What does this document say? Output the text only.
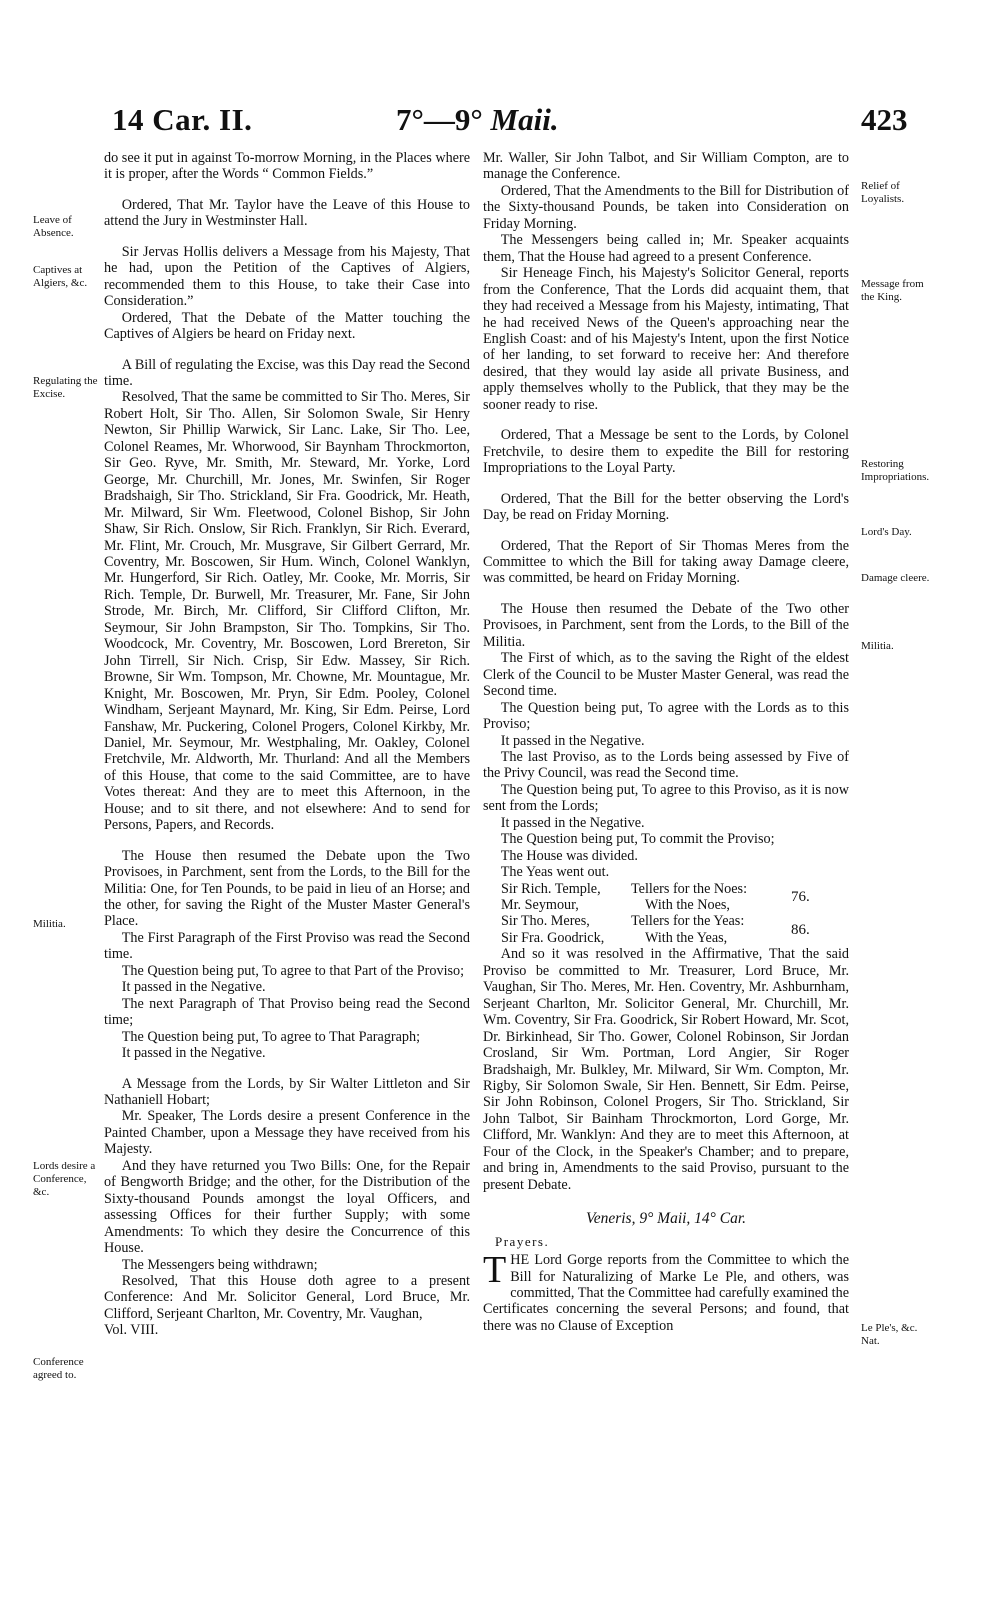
14 Car. II.	7°—9° Maii.	423
Leave of Absence.
Captives at Algiers, &c.
Regulating the Excise.
Militia.
Lords desire a Conference, &c.
Conference agreed to.
Relief of Loyalists.
Message from the King.
Restoring Impropriations.
Lord's Day.
Damage cleere.
Militia.
Le Ple's, &c. Nat.

do see it put in against To-morrow Morning, in the Places where it is proper, after the Words “ Common Fields.”

Ordered, That Mr. Taylor have the Leave of this House to attend the Jury in Westminster Hall.

Sir Jervas Hollis delivers a Message from his Majesty, That he had, upon the Petition of the Captives of Algiers, recommended them to this House, to take their Case into Consideration.”

Ordered, That the Debate of the Matter touching the Captives of Algiers be heard on Friday next.

A Bill of regulating the Excise, was this Day read the Second time.

Resolved, That the same be committed to Sir Tho. Meres, Sir Robert Holt, Sir Tho. Allen, Sir Solomon Swale, Sir Henry Newton, Sir Phillip Warwick, Sir Lanc. Lake, Sir Tho. Lee, Colonel Reames, Mr. Whorwood, Sir Baynham Throckmorton, Sir Geo. Ryve, Mr. Smith, Mr. Steward, Mr. Yorke, Lord George, Mr. Churchill, Mr. Jones, Mr. Swinfen, Sir Roger Bradshaigh, Sir Tho. Strickland, Sir Fra. Goodrick, Mr. Heath, Mr. Milward, Sir Wm. Fleetwood, Colonel Bishop, Sir John Shaw, Sir Rich. Onslow, Sir Rich. Franklyn, Sir Rich. Everard, Mr. Flint, Mr. Crouch, Mr. Musgrave, Sir Gilbert Gerrard, Mr. Coventry, Mr. Boscowen, Sir Hum. Winch, Colonel Wanklyn, Mr. Hungerford, Sir Rich. Oatley, Mr. Cooke, Mr. Morris, Sir Rich. Temple, Dr. Burwell, Mr. Treasurer, Mr. Fane, Sir John Strode, Mr. Birch, Mr. Clifford, Sir Clifford Clifton, Mr. Seymour, Sir John Brampston, Sir Tho. Tompkins, Sir Tho. Woodcock, Mr. Coventry, Mr. Boscowen, Lord Brereton, Sir John Tirrell, Sir Nich. Crisp, Sir Edw. Massey, Sir Rich. Browne, Sir Wm. Tompson, Mr. Chowne, Mr. Mountague, Mr. Knight, Mr. Boscowen, Mr. Pryn, Sir Edm. Pooley, Colonel Windham, Serjeant Maynard, Mr. King, Sir Edm. Peirse, Lord Fanshaw, Mr. Puckering, Colonel Progers, Colonel Kirkby, Mr. Daniel, Mr. Seymour, Mr. Westphaling, Mr. Oakley, Colonel Fretchvile, Mr. Aldworth, Mr. Thurland: And all the Members of this House, that come to the said Committee, are to have Votes thereat: And they are to meet this Afternoon, in the House; and to sit there, and not elsewhere: And to send for Persons, Papers, and Records.

The House then resumed the Debate upon the Two Provisoes, in Parchment, sent from the Lords, to the Bill for the Militia: One, for Ten Pounds, to be paid in lieu of an Horse; and the other, for saving the Right of the Muster Master General's Place.

The First Paragraph of the First Proviso was read the Second time.

The Question being put, To agree to that Part of the Proviso;

It passed in the Negative.

The next Paragraph of That Proviso being read the Second time;

The Question being put, To agree to That Paragraph;

It passed in the Negative.

A Message from the Lords, by Sir Walter Littleton and Sir Nathaniell Hobart;

Mr. Speaker, The Lords desire a present Conference in the Painted Chamber, upon a Message they have received from his Majesty.

And they have returned you Two Bills: One, for the Repair of Bengworth Bridge; and the other, for the Distribution of the Sixty-thousand Pounds amongst the loyal Officers, and assessing Offices for their further Supply; with some Amendments: To which they desire the Concurrence of this House.

The Messengers being withdrawn;

Resolved, That this House doth agree to a present Conference: And Mr. Solicitor General, Lord Bruce, Mr. Clifford, Serjeant Charlton, Mr. Coventry, Mr. Vaughan,

Vol. VIII.

Mr. Waller, Sir John Talbot, and Sir William Compton, are to manage the Conference.

Ordered, That the Amendments to the Bill for Distribution of the Sixty-thousand Pounds, be taken into Consideration on Friday Morning.

The Messengers being called in; Mr. Speaker acquaints them, That the House had agreed to a present Conference.

Sir Heneage Finch, his Majesty's Solicitor General, reports from the Conference, That the Lords did acquaint them, that they had received a Message from his Majesty, intimating, That he had received News of the Queen's approaching near the English Coast: and of his Majesty's Intent, upon the first Notice of her landing, to set forward to receive her: And therefore desired, that they would lay aside all private Business, and apply themselves wholly to the Publick, that they may be the sooner ready to rise.

Ordered, That a Message be sent to the Lords, by Colonel Fretchvile, to desire them to expedite the Bill for restoring Impropriations to the Loyal Party.

Ordered, That the Bill for the better observing the Lord's Day, be read on Friday Morning.

Ordered, That the Report of Sir Thomas Meres from the Committee to which the Bill for taking away Damage cleere, was committed, be heard on Friday Morning.

The House then resumed the Debate of the Two other Provisoes, in Parchment, sent from the Lords, to the Bill of the Militia.

The First of which, as to the saving the Right of the eldest Clerk of the Council to be Muster Master General, was read the Second time.

The Question being put, To agree with the Lords as to this Proviso;

It passed in the Negative.

The last Proviso, as to the Lords being assessed by Five of the Privy Council, was read the Second time.

The Question being put, To agree to this Proviso, as it is now sent from the Lords;

It passed in the Negative.

The Question being put, To commit the Proviso;

The House was divided.

The Yeas went out.

Sir Rich. Temple,	Tellers for the Noes:
76.
Mr. Seymour,	With the Noes,
Sir Tho. Meres,	Tellers for the Yeas:
86.
Sir Fra. Goodrick,	With the Yeas,

And so it was resolved in the Affirmative, That the said Proviso be committed to Mr. Treasurer, Lord Bruce, Mr. Vaughan, Sir Tho. Meres, Mr. Hen. Coventry, Mr. Ashburnham, Serjeant Charlton, Mr. Solicitor General, Mr. Churchill, Mr. Wm. Coventry, Sir Fra. Goodrick, Sir Robert Howard, Mr. Scot, Dr. Birkinhead, Sir Tho. Gower, Colonel Robinson, Sir Jordan Crosland, Sir Wm. Portman, Lord Angier, Sir Roger Bradshaigh, Mr. Bulkley, Mr. Milward, Sir Wm. Compton, Mr. Rigby, Sir Solomon Swale, Sir Hen. Bennett, Sir Edm. Peirse, Sir John Robinson, Colonel Progers, Sir Tho. Strickland, Sir John Talbot, Sir Bainham Throckmorton, Lord Gorge, Mr. Clifford, Mr. Wanklyn: And they are to meet this Afternoon, at Four of the Clock, in the Speaker's Chamber; and to prepare, and bring in, Amendments to the said Proviso, pursuant to the present Debate.

Veneris, 9° Maii, 14° Car.
Prayers.

THE Lord Gorge reports from the Committee to which the Bill for Naturalizing of Marke Le Ple, and others, was committed, That the Committee had carefully examined the Certificates concerning the several Persons; and found, that there was no Clause of Exception
